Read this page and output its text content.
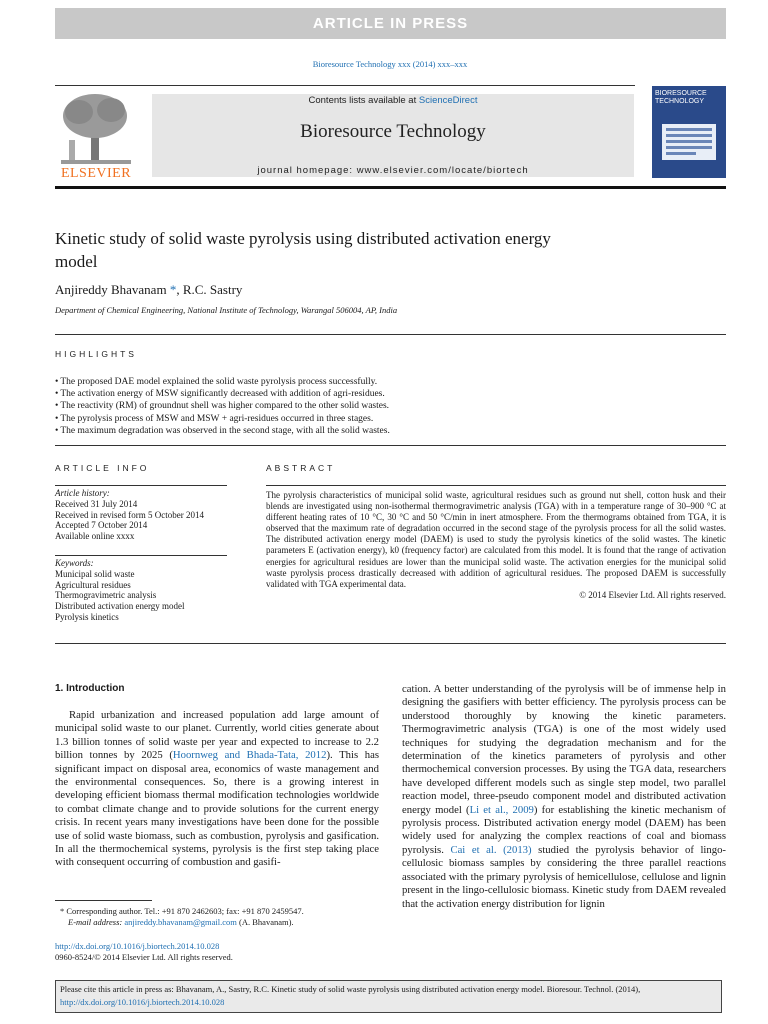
ARTICLE IN PRESS
Bioresource Technology xxx (2014) xxx–xxx
ELSEVIER
Contents lists available at ScienceDirect
Bioresource Technology
journal homepage: www.elsevier.com/locate/biortech
BIORESOURCE
TECHNOLOGY
Kinetic study of solid waste pyrolysis using distributed activation energy
model
Anjireddy Bhavanam *, R.C. Sastry
Department of Chemical Engineering, National Institute of Technology, Warangal 506004, AP, India
HIGHLIGHTS
• The proposed DAE model explained the solid waste pyrolysis process successfully.
• The activation energy of MSW significantly decreased with addition of agri-residues.
• The reactivity (RM) of groundnut shell was higher compared to the other solid wastes.
• The pyrolysis process of MSW and MSW + agri-residues occurred in three stages.
• The maximum degradation was observed in the second stage, with all the solid wastes.
ARTICLE INFO
Article history:
Received 31 July 2014
Received in revised form 5 October 2014
Accepted 7 October 2014
Available online xxxx
Keywords:
Municipal solid waste
Agricultural residues
Thermogravimetric analysis
Distributed activation energy model
Pyrolysis kinetics
ABSTRACT
The pyrolysis characteristics of municipal solid waste, agricultural residues such as ground nut shell, cotton husk and their blends are investigated using non-isothermal thermogravimetric analysis (TGA) with in a temperature range of 30–900 °C at different heating rates of 10 °C, 30 °C and 50 °C/min in inert atmosphere. From the thermograms obtained from TGA, it is observed that the maximum rate of degradation occurred in the second stage of the pyrolysis process for all the solid wastes. The distributed activation energy model (DAEM) is used to study the pyrolysis kinetics of the solid wastes. The kinetic parameters E (activation energy), k0 (frequency factor) are calculated from this model. It is found that the range of activation energies for agricultural residues are lower than the municipal solid waste. The activation energies for the municipal solid waste pyrolysis process drastically decreased with addition of agricultural residues. The proposed DAEM is successfully validated with TGA experimental data.
© 2014 Elsevier Ltd. All rights reserved.
1. Introduction
Rapid urbanization and increased population add large amount of municipal solid waste to our planet. Currently, world cities generate about 1.3 billion tonnes of solid waste per year and expected to increase to 2.2 billion tonnes by 2025 (Hoornweg and Bhada-Tata, 2012). This has significant impact on disposal area, economics of waste management and the environmental consequences. So, there is a growing interest in developing efficient biomass thermal modification technologies worldwide to combat climate change and to provide solutions for the current energy crisis. In recent years many investigations have been done for the possible use of solid waste biomass, such as combustion, pyrolysis and gasification. In all the thermochemical systems, pyrolysis is the first step taking place with consequent occurring of combustion and gasifi-
cation. A better understanding of the pyrolysis will be of immense help in designing the gasifiers with better efficiency. The pyrolysis process can be understood thoroughly by knowing the kinetic parameters. Thermogravimetric analysis (TGA) is one of the most widely used techniques for studying the degradation mechanism and for the determination of the kinetics parameters of pyrolysis and other thermochemical conversion processes. By using the TGA data, researchers have developed different models such as single step model, two parallel reaction model, three-pseudo component model and distributed activation energy model (Li et al., 2009) for establishing the kinetic mechanism of pyrolysis process. Distributed activation energy model (DAEM) has been widely used for analyzing the complex reactions of coal and biomass pyrolysis. Cai et al. (2013) studied the pyrolysis behavior of lingo-cellulosic biomass samples by considering the three parallel reactions associated with the primary pyrolysis of hemicellulose, cellulose and lignin present in the lingo-cellulosic biomass. Kinetic study from DAEM revealed that the activation energy distribution for lignin
* Corresponding author. Tel.: +91 870 2462603; fax: +91 870 2459547.
E-mail address: anjireddy.bhavanam@gmail.com (A. Bhavanam).
http://dx.doi.org/10.1016/j.biortech.2014.10.028
0960-8524/© 2014 Elsevier Ltd. All rights reserved.
Please cite this article in press as: Bhavanam, A., Sastry, R.C. Kinetic study of solid waste pyrolysis using distributed activation energy model. Bioresour. Technol. (2014), http://dx.doi.org/10.1016/j.biortech.2014.10.028
